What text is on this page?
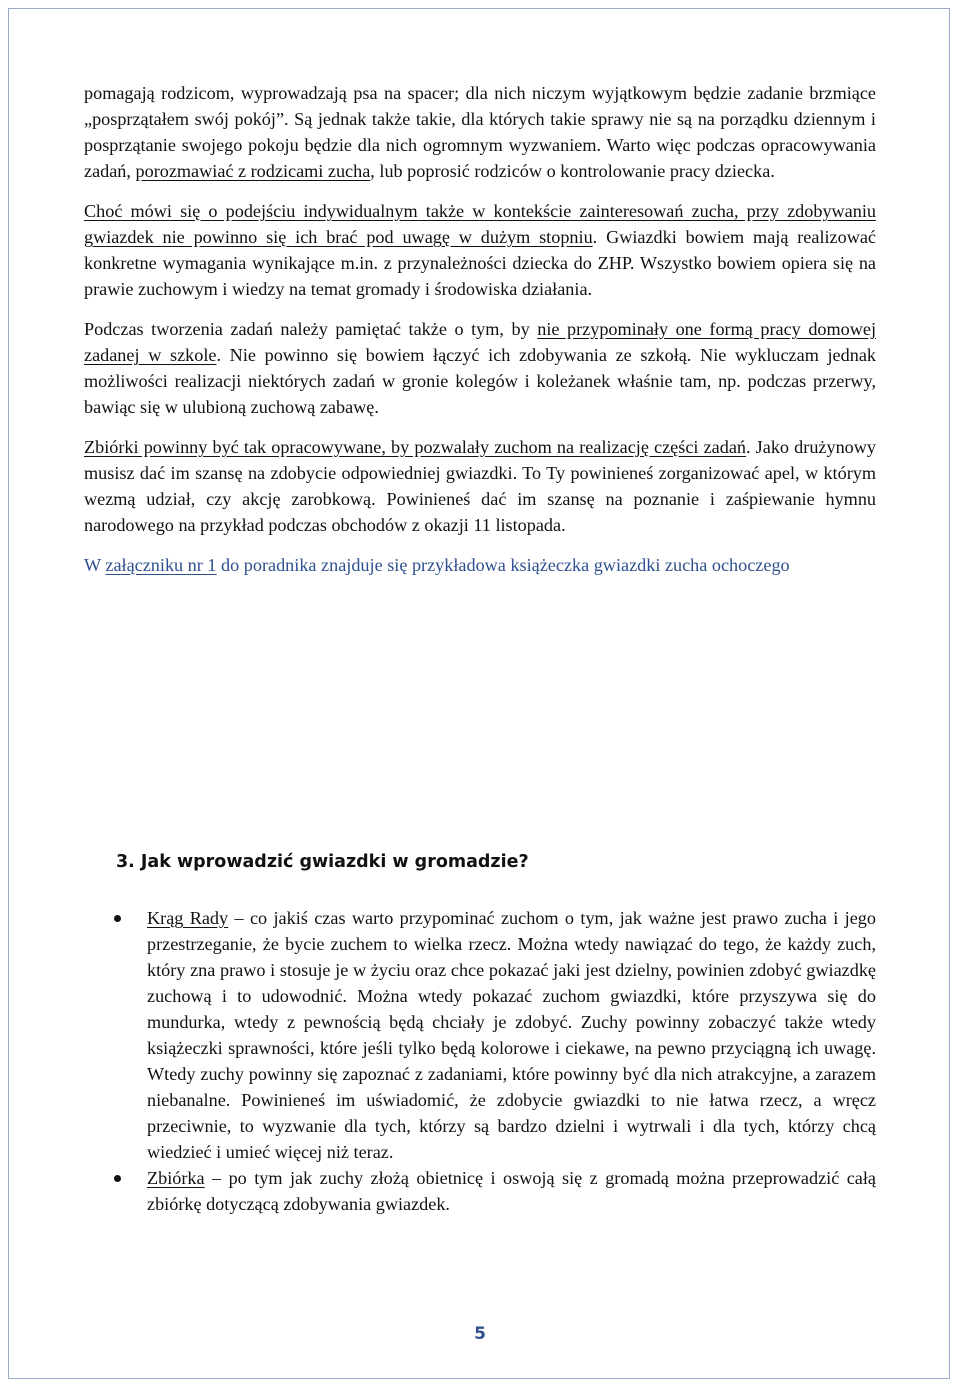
pomagają rodzicom, wyprowadzają psa na spacer; dla nich niczym wyjątkowym będzie zadanie brzmiące „posprzątałem swój pokój”. Są jednak także takie, dla których takie sprawy nie są na porządku dziennym i posprzątanie swojego pokoju będzie dla nich ogromnym wyzwaniem. Warto więc podczas opracowywania zadań, porozmawiać z rodzicami zucha, lub poprosić rodziców o kontrolowanie pracy dziecka.

Choć mówi się o podejściu indywidualnym także w kontekście zainteresowań zucha, przy zdobywaniu gwiazdek nie powinno się ich brać pod uwagę w dużym stopniu. Gwiazdki bowiem mają realizować konkretne wymagania wynikające m.in. z przynależności dziecka do ZHP. Wszystko bowiem opiera się na prawie zuchowym i wiedzy na temat gromady i środowiska działania.

Podczas tworzenia zadań należy pamiętać także o tym, by nie przypominały one formą pracy domowej zadanej w szkole. Nie powinno się bowiem łączyć ich zdobywania ze szkołą. Nie wykluczam jednak możliwości realizacji niektórych zadań w gronie kolegów i koleżanek właśnie tam, np. podczas przerwy, bawiąc się w ulubioną zuchową zabawę.

Zbiórki powinny być tak opracowywane, by pozwalały zuchom na realizację części zadań. Jako drużynowy musisz dać im szansę na zdobycie odpowiedniej gwiazdki. To Ty powinieneś zorganizować apel, w którym wezmą udział, czy akcję zarobkową. Powinieneś dać im szansę na poznanie i zaśpiewanie hymnu narodowego na przykład podczas obchodów z okazji 11 listopada.

W załączniku nr 1 do poradnika znajduje się przykładowa książeczka gwiazdki zucha ochoczego

3. Jak wprowadzić gwiazdki w gromadzie?
Krąg Rady – co jakiś czas warto przypominać zuchom o tym, jak ważne jest prawo zucha i jego przestrzeganie, że bycie zuchem to wielka rzecz. Można wtedy nawiązać do tego, że każdy zuch, który zna prawo i stosuje je w życiu oraz chce pokazać jaki jest dzielny, powinien zdobyć gwiazdkę zuchową i to udowodnić. Można wtedy pokazać zuchom gwiazdki, które przyszywa się do mundurka, wtedy z pewnością będą chciały je zdobyć. Zuchy powinny zobaczyć także wtedy książeczki sprawności, które jeśli tylko będą kolorowe i ciekawe, na pewno przyciągną ich uwagę. Wtedy zuchy powinny się zapoznać z zadaniami, które powinny być dla nich atrakcyjne, a zarazem niebanalne. Powinieneś im uświadomić, że zdobycie gwiazdki to nie łatwa rzecz, a wręcz przeciwnie, to wyzwanie dla tych, którzy są bardzo dzielni i wytrwali i dla tych, którzy chcą wiedzieć i umieć więcej niż teraz.
Zbiórka – po tym jak zuchy złożą obietnicę i oswoją się z gromadą można przeprowadzić całą zbiórkę dotyczącą zdobywania gwiazdek.
5
